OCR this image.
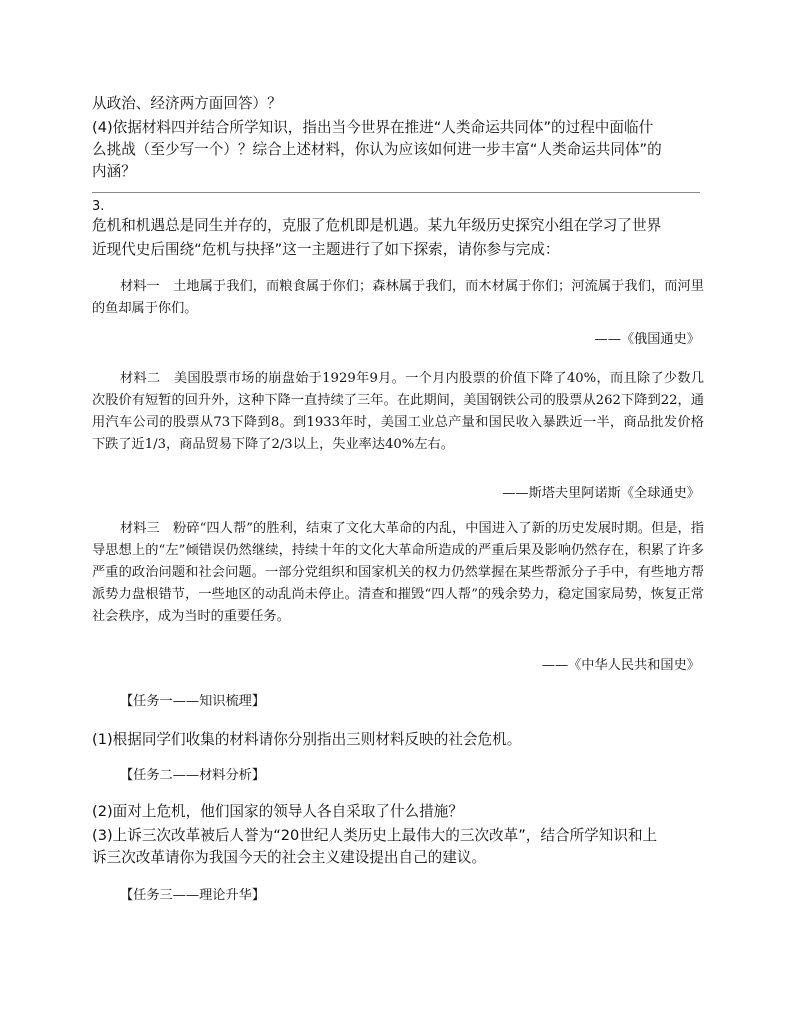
从政治、经济两方面回答）？
(4)依据材料四并结合所学知识，指出当今世界在推进“人类命运共同体”的过程中面临什
么挑战（至少写一个）？综合上述材料，你认为应该如何进一步丰富“人类命运共同体”的
内涵？
3.
危机和机遇总是同生并存的，克服了危机即是机遇。某九年级历史探究小组在学习了世界
近现代史后围绕“危机与抉择”这一主题进行了如下探索，请你参与完成：

材料一　土地属于我们，而粮食属于你们；森林属于我们，而木材属于你们；河流属于我们，而河里的鱼却属于你们。

——《俄国通史》

材料二　美国股票市场的崩盘始于1929年9月。一个月内股票的价值下降了40%，而且除了少数几次股价有短暂的回升外，这种下降一直持续了三年。在此期间，美国钢铁公司的股票从262下降到22，通用汽车公司的股票从73下降到8。到1933年时，美国工业总产量和国民收入暴跌近一半，商品批发价格下跌了近1/3，商品贸易下降了2/3以上，失业率达40%左右。

——斯塔夫里阿诺斯《全球通史》

材料三　粉碎“四人帮”的胜利，结束了文化大革命的内乱，中国进入了新的历史发展时期。但是，指导思想上的“左”倾错误仍然继续，持续十年的文化大革命所造成的严重后果及影响仍然存在，积累了许多严重的政治问题和社会问题。一部分党组织和国家机关的权力仍然掌握在某些帮派分子手中，有些地方帮派势力盘根错节，一些地区的动乱尚未停止。清查和摧毁“四人帮”的残余势力，稳定国家局势，恢复正常社会秩序，成为当时的重要任务。

——《中华人民共和国史》
【任务一——知识梳理】
(1)根据同学们收集的材料请你分别指出三则材料反映的社会危机。
【任务二——材料分析】
(2)面对上危机，他们国家的领导人各自采取了什么措施？
(3)上诉三次改革被后人誉为“20世纪人类历史上最伟大的三次改革”，结合所学知识和上
诉三次改革请你为我国今天的社会主义建设提出自己的建议。
【任务三——理论升华】
